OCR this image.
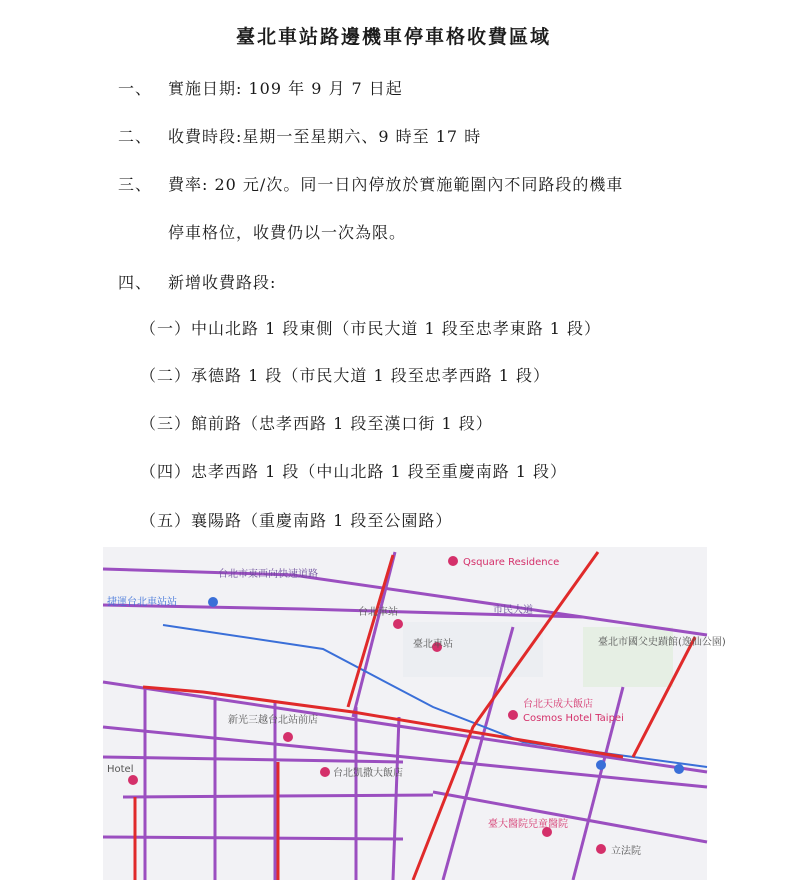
臺北車站路邊機車停車格收費區域
一、 實施日期: 109 年 9 月 7 日起
二、 收費時段:星期一至星期六、9 時至 17 時
三、 費率: 20 元/次。同一日內停放於實施範圍內不同路段的機車
停車格位，收費仍以一次為限。
四、 新增收費路段:
（一）中山北路 1 段東側（市民大道 1 段至忠孝東路 1 段）
（二）承德路 1 段（市民大道 1 段至忠孝西路 1 段）
（三）館前路（忠孝西路 1 段至漢口街 1 段）
（四）忠孝西路 1 段（中山北路 1 段至重慶南路 1 段）
（五）襄陽路（重慶南路 1 段至公園路）
Qsquare Residence
台北市東西向快速道路
捷運台北車站站
台北車站	市民大道
臺北車站	臺北市國父史蹟館(逸仙公園)
台北天成大飯店
Cosmos Hotel Taipei
新光三越台北站前店
台北凱撒大飯店
Hotel
臺大醫院兒童醫院
立法院
